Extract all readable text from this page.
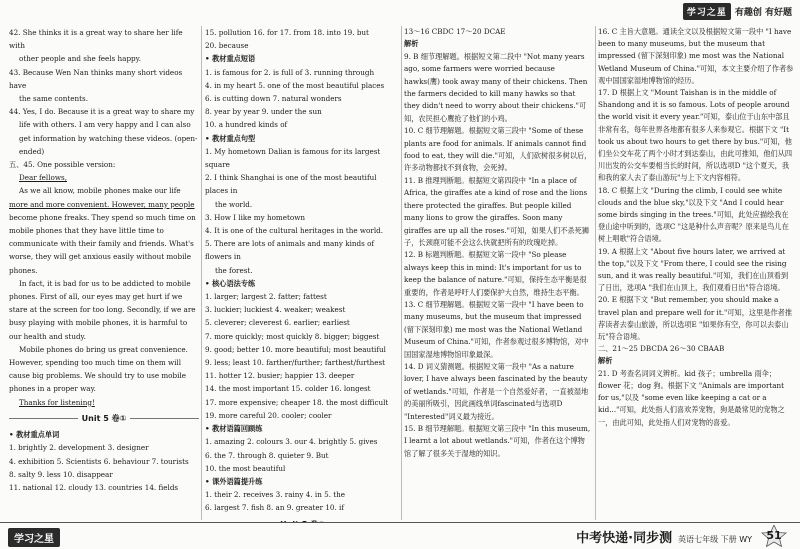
学习之星 有趣创 有好题

42. She thinks it is a great way to share her life with

other people and she feels happy.

43. Because Wen Nan thinks many short videos have

the same contents.

44. Yes, I do. Because it is a great way to share my

life with others. I am very happy and I can also

get information by watching these videos. (open-

ended)

五、45. One possible version:

Dear fellows,

As we all know, mobile phones make our life

more and more convenient. However, many people

become phone freaks. They spend so much time on

mobile phones that they have little time to

communicate with their family and friends. What's

worse, they will get anxious easily without mobile

phones.

In fact, it is bad for us to be addicted to mobile

phones. First of all, our eyes may get hurt if we

stare at the screen for too long. Secondly, if we are

busy playing with mobile phones, it is harmful to

our health and study.

Mobile phones do bring us great convenience.

However, spending too much time on them will

cause big problems. We should try to use mobile

phones in a proper way.

Thanks for listening!

Unit 5 卷①

• 教材重点单词

1. brightly 2. development 3. designer

4. exhibition 5. Scientists 6. behaviour 7. tourists

8. salty 9. less 10. disappear

11. national 12. cloudy 13. countries 14. fields

15. pollution 16. for 17. from 18. into 19. but

20. because

• 教材重点短语

1. is famous for 2. is full of 3. running through

4. in my heart 5. one of the most beautiful places

6. is cutting down 7. natural wonders

8. year by year 9. under the sun

10. a hundred kinds of

• 教材重点句型

1. My hometown Dalian is famous for its largest square

2. I think Shanghai is one of the most beautiful places in

the world.

3. How I like my hometown

4. It is one of the cultural heritages in the world.

5. There are lots of animals and many kinds of flowers in

the forest.

• 核心语法专练

1. larger; largest 2. fatter; fattest

3. luckier; luckiest 4. weaker; weakest

5. cleverer; cleverest 6. earlier; earliest

7. more quickly; most quickly 8. bigger; biggest

9. good; better 10. more beautiful; most beautiful

9. less; least 10. farther/further; farthest/furthest

11. hotter 12. busier; happier 13. deeper

14. the most important 15. colder 16. longest

17. more expensive; cheaper 18. the most difficult

19. more careful 20. cooler; cooler

• 教材语篇回顾练

1. amazing 2. colours 3. our 4. brightly 5. gives

6. the 7. through 8. quieter 9. But

10. the most beautiful

• 课外语篇提升练

1. their 2. receives 3. rainy 4. in 5. the

6. largest 7. fish 8. an 9. greater 10. if

13～16 CBDC 17～20 DCAE

解析

9. B 细节理解题。根据短文第二段中 "Not many years ago, some farmers were worried because hawks(鹰) took away many of their chickens. Then the farmers decided to kill many hawks so that they didn't need to worry about their chickens."可知，农民担心鹰抢了他们的小鸡。

10. C 细节理解题。根据短文第三段中 "Some of these plants are food for animals. If animals cannot find food to eat, they will die."可知，人们砍树很多树以后，许多动物都找不到食物，会死掉。

11. B 推理判断题。根据短文第四段中 "In a place of Africa, the giraffes ate a kind of rose and the lions there protected the giraffes. But people killed many lions to grow the giraffes. Soon many giraffes are up all the roses."可知，如果人们不杀死狮子，长颈鹿可能不会这么快就把所有的玫瑰吃掉。

12. B 标题判断题。根据短文第一段中 "So please always keep this in mind: It's important for us to keep the balance of nature."可知，保持生态平衡是很重要的，作者是呼吁人们要保护大自然，维持生态平衡。

13. C 细节理解题。根据短文第一段中 "I have been to many museums, but the museum that impressed (留下深刻印象) me most was the National Wetland Museum of China."可知，作者参观过很多博物馆，对中国国家湿地博物馆印象最深。

14. D 词义猜测题。根据短文第一段中 "As a nature lover, I have always been fascinated by the beauty of wetlands."可知，作者是一个自然爱好者，一直被湿地的美丽所吸引，因此画线单词fascinated与选项D "Interested"词义最为接近。

15. B 细节理解题。根据短文第三段中 "In this museum, I learnt a lot about wetlands."可知，作者在这个博物馆了解了很多关于湿地的知识。

16. C 主旨大意题。通读全文以及根据短文第一段中 "I have been to many museums, but the museum that impressed (留下深刻印象) me most was the National Wetland Museum of China."可知，本文主要介绍了作者参观中国国家湿地博物馆的经历。

17. D 根据上文 "Mount Taishan is in the middle of Shandong and it is so famous. Lots of people around the world visit it every year."可知，泰山位于山东中部且非常有名，每年世界各地都有很多人来参观它。根据下文 "It took us about two hours to get there by bus."可知，他们坐公交车花了两个小时才到达泰山，由此可推知，他们从四川出发的公交车要相当长的时间，所以选项D "这个夏天，我和我的家人去了泰山游玩"与上下文内容相符。

18. C 根据上文 "During the climb, I could see white clouds and the blue sky,"以及下文 "And I could hear some birds singing in the trees."可知，此处应描绘我在登山途中听到的，选项C "这是种什么声音呢？原来是鸟儿在树上唱歌"符合语境。

19. A 根据上文 "About five hours later, we arrived at the top,"以及下文 "From there, I could see the rising sun, and it was really beautiful."可知，我们在山顶看到了日出，选项A "我们在山顶上，我们观看日出"符合语境。

20. E 根据下文 "But remember, you should make a travel plan and prepare well for it."可知，这里是作者推荐读者去泰山旅游，所以选项E "如果你有空，你可以去泰山玩"符合语境。

二、21～25 DBCDA 26～30 CBAAB

解析

21. D 考查名词词义辨析。kid 孩子；umbrella 雨伞；flower 花；dog 狗。根据下文 "Animals are important for us,"以及 "some even like keeping a cat or a kid..."可知，此处指人们喜欢养宠物，狗是最常见的宠物之一，由此可知，此处指人们对宠物的喜爱。

学习之星	中考快递·同步测 英语七年级 下册 WY 51
